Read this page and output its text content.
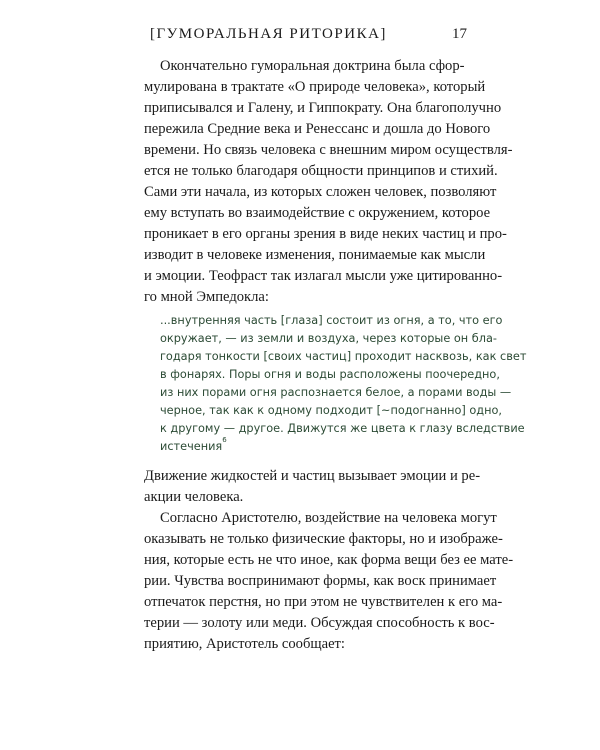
[ГУМОРАЛЬНАЯ РИТОРИКА]	17
Окончательно гуморальная доктрина была сфор-
мулирована в трактате «О природе человека», который
приписывался и Галену, и Гиппократу. Она благополучно
пережила Средние века и Ренессанс и дошла до Нового
времени. Но связь человека с внешним миром осуществля-
ется не только благодаря общности принципов и стихий.
Сами эти начала, из которых сложен человек, позволяют
ему вступать во взаимодействие с окружением, которое
проникает в его органы зрения в виде неких частиц и про-
изводит в человеке изменения, понимаемые как мысли
и эмоции. Теофраст так излагал мысли уже цитированно-
го мной Эмпедокла:
...внутренняя часть [глаза] состоит из огня, а то, что его
окружает, — из земли и воздуха, через которые он бла-
годаря тонкости [своих частиц] проходит насквозь, как свет
в фонарях. Поры огня и воды расположены поочередно,
из них порами огня распознается белое, а порами воды —
черное, так как к одному подходит [~подогнанно] одно,
к другому — другое. Движутся же цвета к глазу вследствие
истечения$^6$
Движение жидкостей и частиц вызывает эмоции и ре-
акции человека.
Согласно Аристотелю, воздействие на человека могут
оказывать не только физические факторы, но и изображе-
ния, которые есть не что иное, как форма вещи без ее мате-
рии. Чувства воспринимают формы, как воск принимает
отпечаток перстня, но при этом не чувствителен к его ма-
терии — золоту или меди. Обсуждая способность к вос-
приятию, Аристотель сообщает:
